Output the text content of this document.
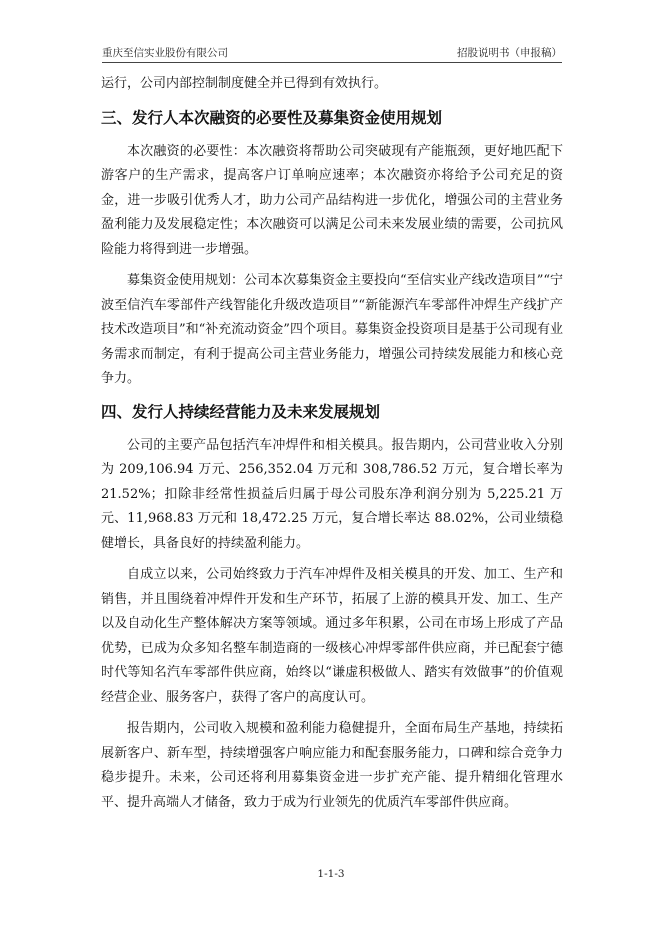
重庆至信实业股份有限公司	招股说明书（申报稿）

运行，公司内部控制制度健全并已得到有效执行。

三、发行人本次融资的必要性及募集资金使用规划

本次融资的必要性：本次融资将帮助公司突破现有产能瓶颈，更好地匹配下游客户的生产需求，提高客户订单响应速率；本次融资亦将给予公司充足的资金，进一步吸引优秀人才，助力公司产品结构进一步优化，增强公司的主营业务盈利能力及发展稳定性；本次融资可以满足公司未来发展业绩的需要，公司抗风险能力将得到进一步增强。

募集资金使用规划：公司本次募集资金主要投向“至信实业产线改造项目”“宁波至信汽车零部件产线智能化升级改造项目”“新能源汽车零部件冲焊生产线扩产技术改造项目”和“补充流动资金”四个项目。募集资金投资项目是基于公司现有业务需求而制定，有利于提高公司主营业务能力，增强公司持续发展能力和核心竞争力。

四、发行人持续经营能力及未来发展规划

公司的主要产品包括汽车冲焊件和相关模具。报告期内，公司营业收入分别为 209,106.94 万元、256,352.04 万元和 308,786.52 万元，复合增长率为 21.52%；扣除非经常性损益后归属于母公司股东净利润分别为 5,225.21 万元、11,968.83 万元和 18,472.25 万元，复合增长率达 88.02%，公司业绩稳健增长，具备良好的持续盈利能力。

自成立以来，公司始终致力于汽车冲焊件及相关模具的开发、加工、生产和销售，并且围绕着冲焊件开发和生产环节，拓展了上游的模具开发、加工、生产以及自动化生产整体解决方案等领域。通过多年积累，公司在市场上形成了产品优势，已成为众多知名整车制造商的一级核心冲焊零部件供应商，并已配套宁德时代等知名汽车零部件供应商，始终以“谦虚积极做人、踏实有效做事”的价值观经营企业、服务客户，获得了客户的高度认可。

报告期内，公司收入规模和盈利能力稳健提升，全面布局生产基地，持续拓展新客户、新车型，持续增强客户响应能力和配套服务能力，口碑和综合竞争力稳步提升。未来，公司还将利用募集资金进一步扩充产能、提升精细化管理水平、提升高端人才储备，致力于成为行业领先的优质汽车零部件供应商。

1-1-3
